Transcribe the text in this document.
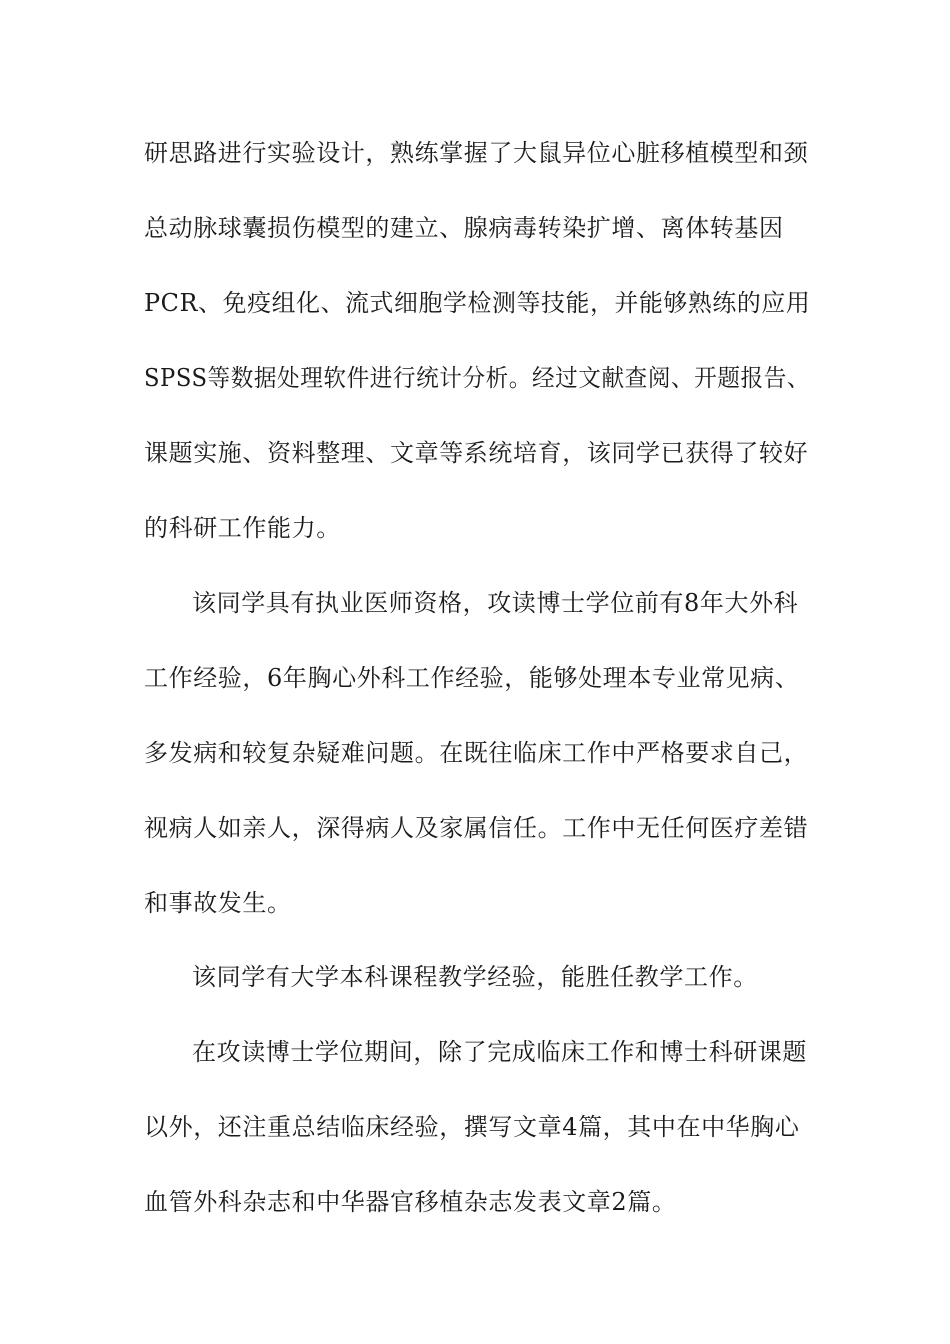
研思路进行实验设计，熟练掌握了大鼠异位心脏移植模型和颈
总动脉球囊损伤模型的建立、腺病毒转染扩增、离体转基因
PCR、免疫组化、流式细胞学检测等技能，并能够熟练的应用
SPSS等数据处理软件进行统计分析。经过文献查阅、开题报告、
课题实施、资料整理、文章等系统培育，该同学已获得了较好
的科研工作能力。
该同学具有执业医师资格，攻读博士学位前有8年大外科
工作经验，6年胸心外科工作经验，能够处理本专业常见病、
多发病和较复杂疑难问题。在既往临床工作中严格要求自己，
视病人如亲人，深得病人及家属信任。工作中无任何医疗差错
和事故发生。
该同学有大学本科课程教学经验，能胜任教学工作。
在攻读博士学位期间，除了完成临床工作和博士科研课题
以外，还注重总结临床经验，撰写文章4篇，其中在中华胸心
血管外科杂志和中华器官移植杂志发表文章2篇。
